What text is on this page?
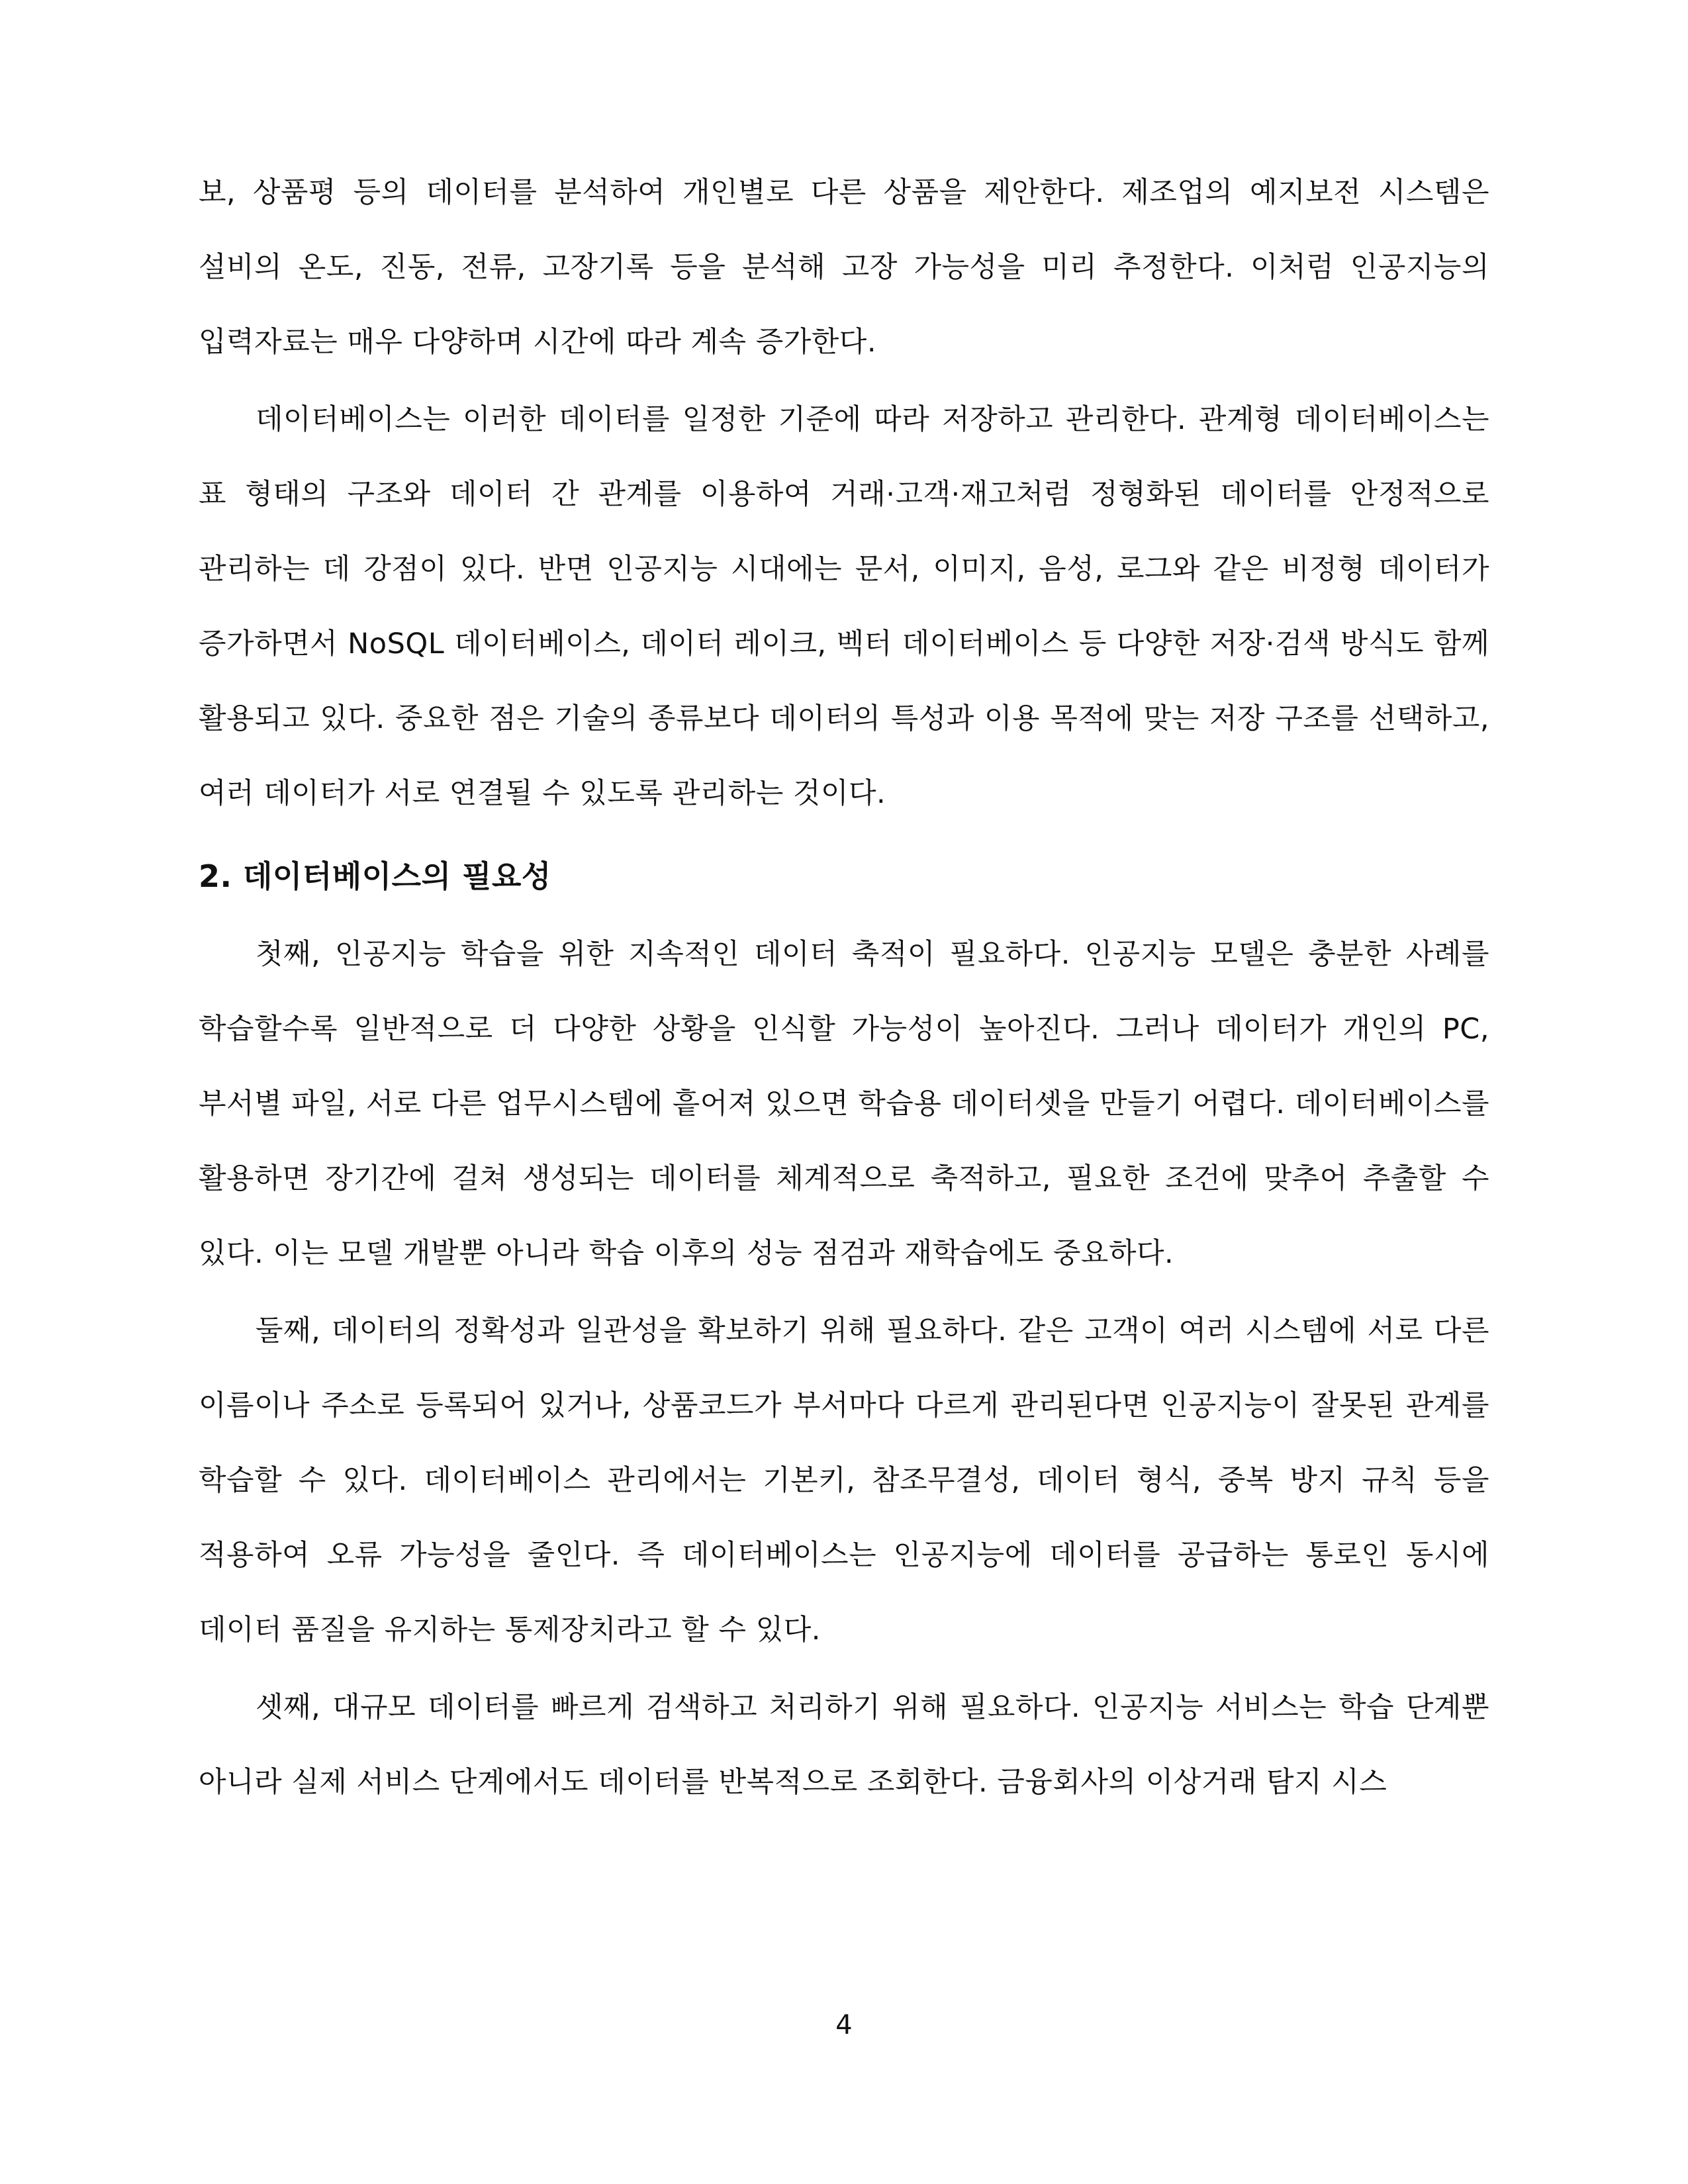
보, 상품평 등의 데이터를 분석하여 개인별로 다른 상품을 제안한다. 제조업의 예지보전 시스템은 설비의 온도, 진동, 전류, 고장기록 등을 분석해 고장 가능성을 미리 추정한다. 이처럼 인공지능의 입력자료는 매우 다양하며 시간에 따라 계속 증가한다.

데이터베이스는 이러한 데이터를 일정한 기준에 따라 저장하고 관리한다. 관계형 데이터베이스는 표 형태의 구조와 데이터 간 관계를 이용하여 거래·고객·재고처럼 정형화된 데이터를 안정적으로 관리하는 데 강점이 있다. 반면 인공지능 시대에는 문서, 이미지, 음성, 로그와 같은 비정형 데이터가 증가하면서 NoSQL 데이터베이스, 데이터 레이크, 벡터 데이터베이스 등 다양한 저장·검색 방식도 함께 활용되고 있다. 중요한 점은 기술의 종류보다 데이터의 특성과 이용 목적에 맞는 저장 구조를 선택하고, 여러 데이터가 서로 연결될 수 있도록 관리하는 것이다.

2. 데이터베이스의 필요성

첫째, 인공지능 학습을 위한 지속적인 데이터 축적이 필요하다. 인공지능 모델은 충분한 사례를 학습할수록 일반적으로 더 다양한 상황을 인식할 가능성이 높아진다. 그러나 데이터가 개인의 PC, 부서별 파일, 서로 다른 업무시스템에 흩어져 있으면 학습용 데이터셋을 만들기 어렵다. 데이터베이스를 활용하면 장기간에 걸쳐 생성되는 데이터를 체계적으로 축적하고, 필요한 조건에 맞추어 추출할 수 있다. 이는 모델 개발뿐 아니라 학습 이후의 성능 점검과 재학습에도 중요하다.

둘째, 데이터의 정확성과 일관성을 확보하기 위해 필요하다. 같은 고객이 여러 시스템에 서로 다른 이름이나 주소로 등록되어 있거나, 상품코드가 부서마다 다르게 관리된다면 인공지능이 잘못된 관계를 학습할 수 있다. 데이터베이스 관리에서는 기본키, 참조무결성, 데이터 형식, 중복 방지 규칙 등을 적용하여 오류 가능성을 줄인다. 즉 데이터베이스는 인공지능에 데이터를 공급하는 통로인 동시에 데이터 품질을 유지하는 통제장치라고 할 수 있다.

셋째, 대규모 데이터를 빠르게 검색하고 처리하기 위해 필요하다. 인공지능 서비스는 학습 단계뿐 아니라 실제 서비스 단계에서도 데이터를 반복적으로 조회한다. 금융회사의 이상거래 탐지 시스

4
